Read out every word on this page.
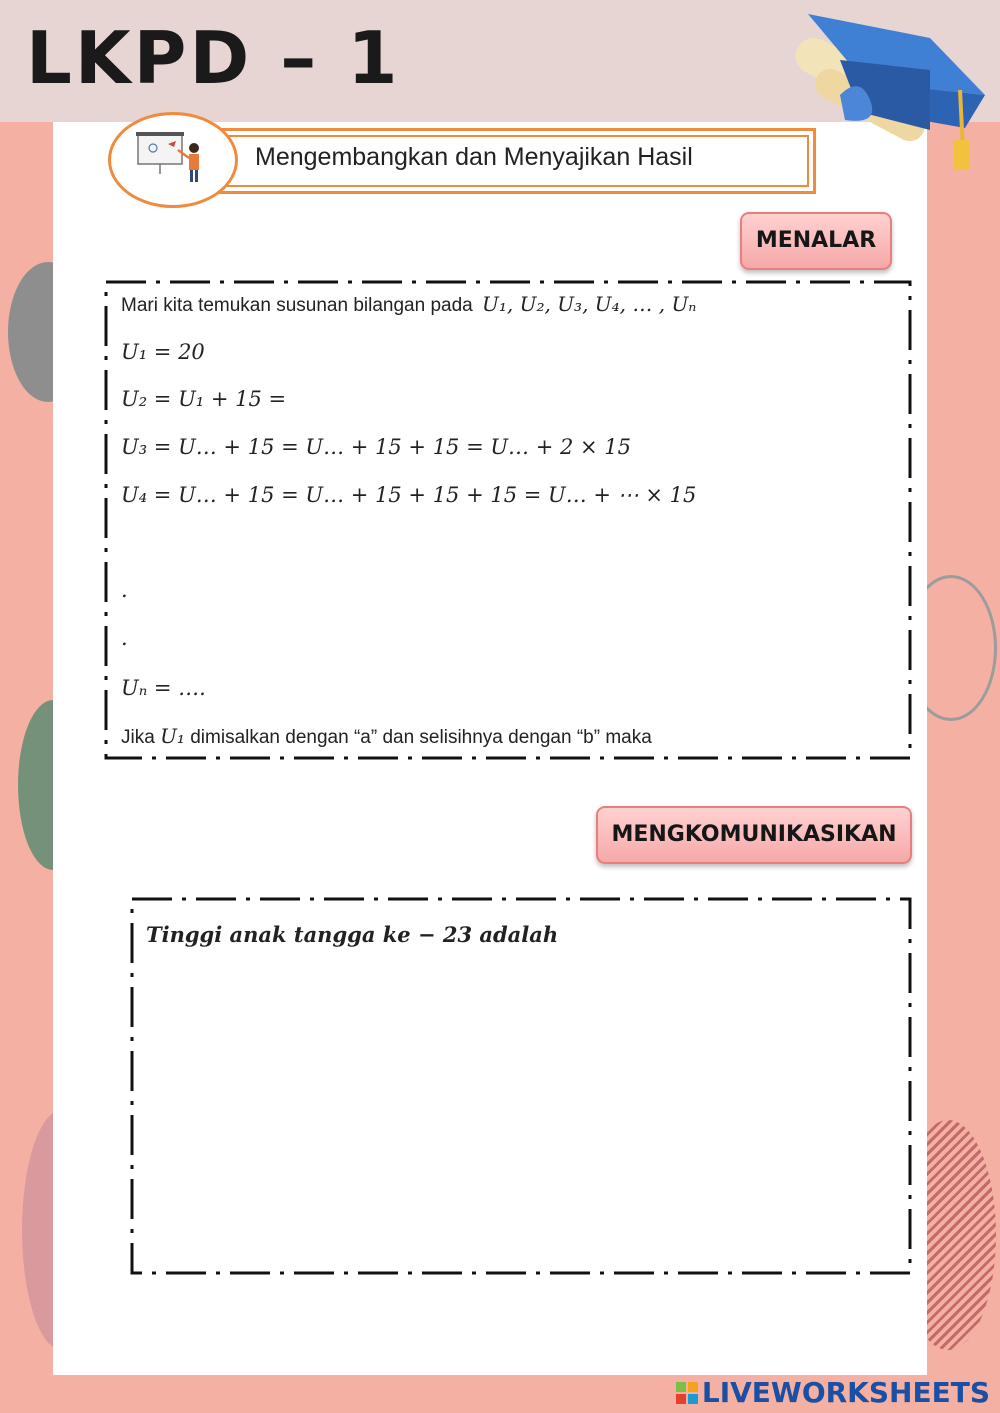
LKPD – 1
Mengembangkan dan Menyajikan Hasil
MENALAR
Mari kita temukan susunan bilangan pada U₁, U₂, U₃, U₄, … , Uₙ
U₁ = 20
U₂ = U₁ + 15 =
U₃ = U… + 15 = U… + 15 + 15 = U… + 2 × 15
U₄ = U… + 15 = U… + 15 + 15 + 15 = U… + ⋯ × 15
.
.
Uₙ = ….
Jika U₁ dimisalkan dengan “a” dan selisihnya dengan “b” maka
MENGKOMUNIKASIKAN
Tinggi anak tangga ke − 23 adalah
LIVEWORKSHEETS
